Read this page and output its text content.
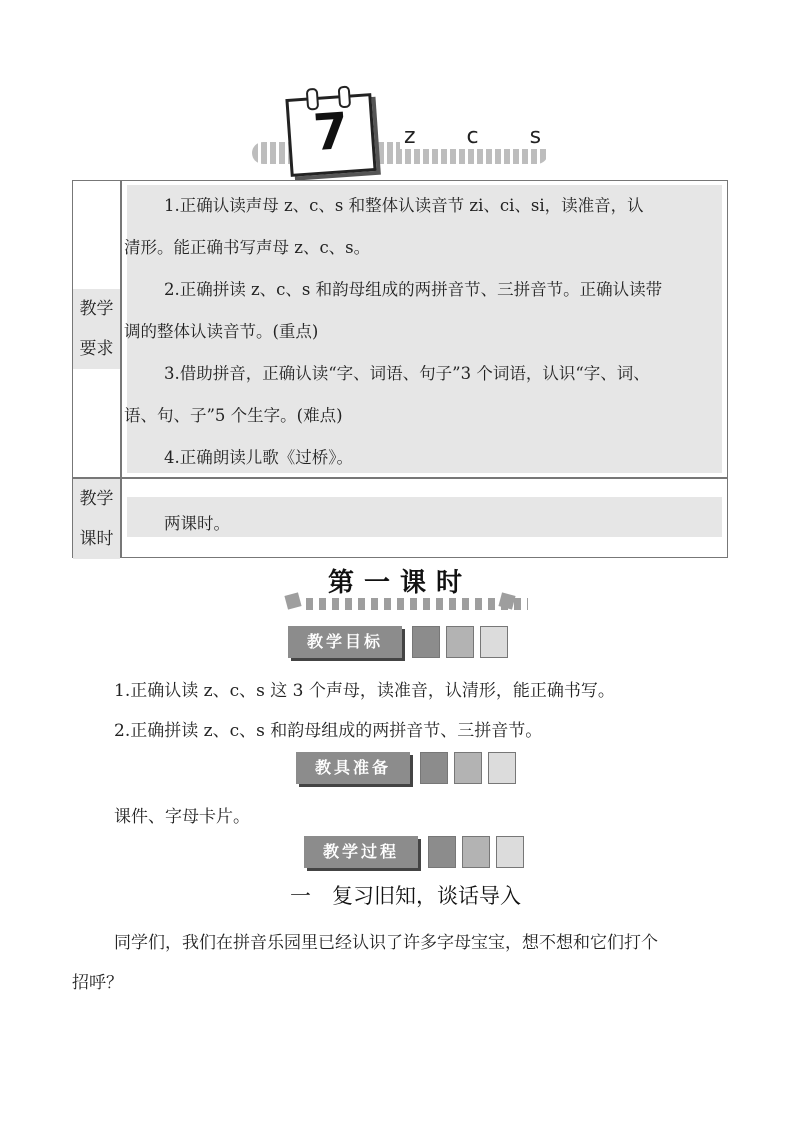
z c s
7
教学
要求
教学
课时
1.正确认读声母 z、c、s 和整体认读音节 zi、ci、si，读准音，认
清形。能正确书写声母 z、c、s。
2.正确拼读 z、c、s 和韵母组成的两拼音节、三拼音节。正确认读带
调的整体认读音节。(重点)
3.借助拼音，正确认读“字、词语、句子”3 个词语，认识“字、词、
语、句、子”5 个生字。(难点)
4.正确朗读儿歌《过桥》。
两课时。
第一课时
教学目标
1.正确认读 z、c、s 这 3 个声母，读准音，认清形，能正确书写。
2.正确拼读 z、c、s 和韵母组成的两拼音节、三拼音节。
教具准备
课件、字母卡片。
教学过程
一　复习旧知，谈话导入
同学们，我们在拼音乐园里已经认识了许多字母宝宝，想不想和它们打个
招呼？
